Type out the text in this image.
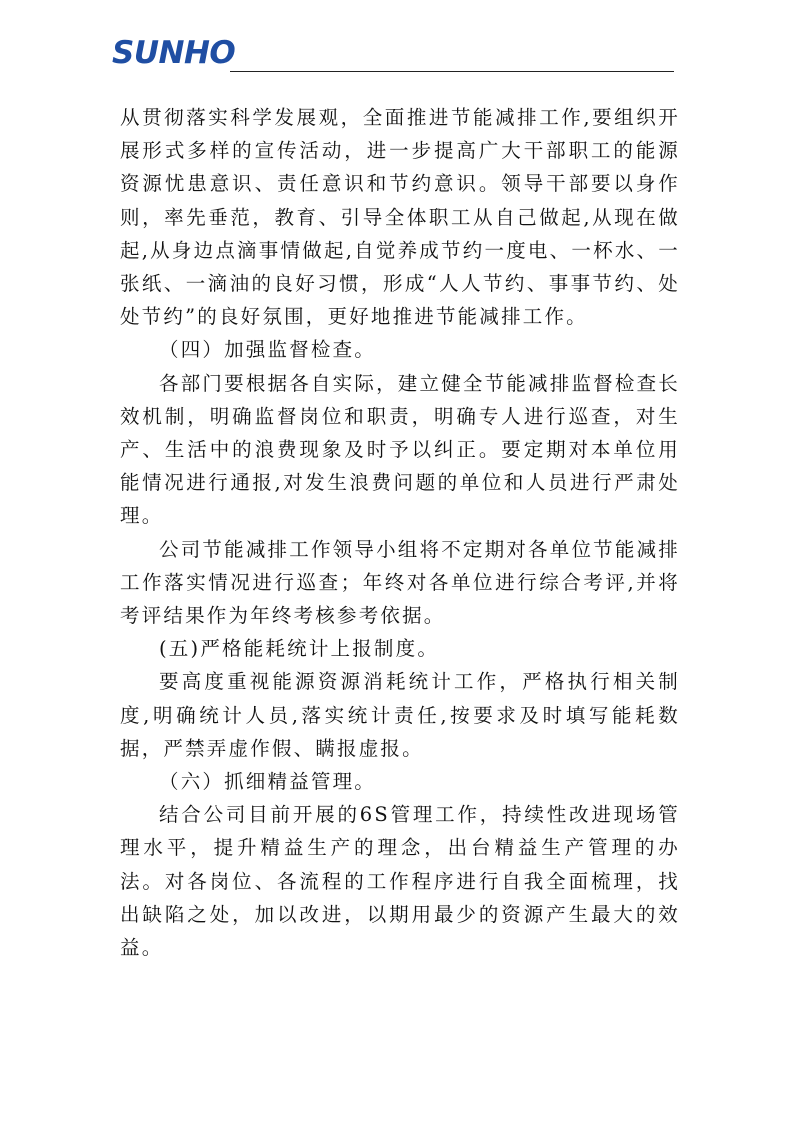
SUNHO

从贯彻落实科学发展观，全面推进节能减排工作,要组织开展形式多样的宣传活动，进一步提高广大干部职工的能源资源忧患意识、责任意识和节约意识。领导干部要以身作则，率先垂范，教育、引导全体职工从自己做起,从现在做起,从身边点滴事情做起,自觉养成节约一度电、一杯水、一张纸、一滴油的良好习惯，形成“人人节约、事事节约、处处节约”的良好氛围，更好地推进节能减排工作。

（四）加强监督检查。

各部门要根据各自实际，建立健全节能减排监督检查长效机制，明确监督岗位和职责，明确专人进行巡查，对生产、生活中的浪费现象及时予以纠正。要定期对本单位用能情况进行通报,对发生浪费问题的单位和人员进行严肃处理。

公司节能减排工作领导小组将不定期对各单位节能减排工作落实情况进行巡查；年终对各单位进行综合考评,并将考评结果作为年终考核参考依据。

(五)严格能耗统计上报制度。

要高度重视能源资源消耗统计工作，严格执行相关制度,明确统计人员,落实统计责任,按要求及时填写能耗数据，严禁弄虚作假、瞒报虚报。

（六）抓细精益管理。

结合公司目前开展的6S管理工作，持续性改进现场管理水平，提升精益生产的理念，出台精益生产管理的办法。对各岗位、各流程的工作程序进行自我全面梳理，找出缺陷之处，加以改进，以期用最少的资源产生最大的效益。
